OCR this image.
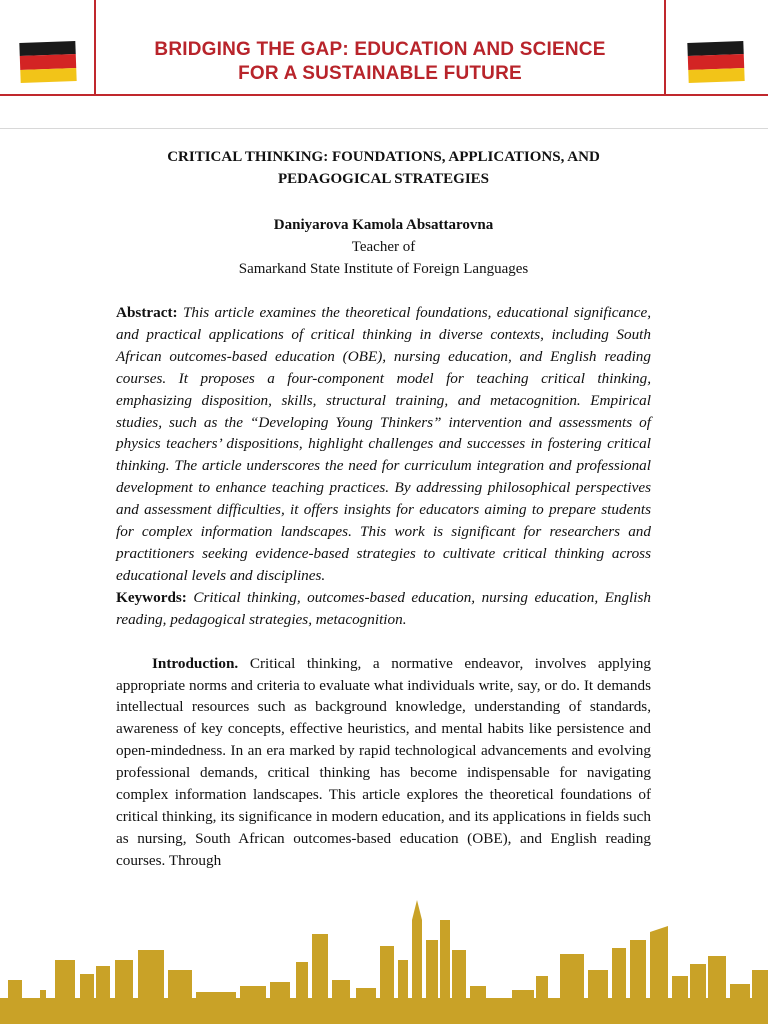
BRIDGING THE GAP: EDUCATION AND SCIENCE
FOR A SUSTAINABLE FUTURE
CRITICAL THINKING: FOUNDATIONS, APPLICATIONS, AND
PEDAGOGICAL STRATEGIES
Daniyarova Kamola Absattarovna
Teacher of
Samarkand State Institute of Foreign Languages
Abstract: This article examines the theoretical foundations, educational significance, and practical applications of critical thinking in diverse contexts, including South African outcomes-based education (OBE), nursing education, and English reading courses. It proposes a four-component model for teaching critical thinking, emphasizing disposition, skills, structural training, and metacognition. Empirical studies, such as the “Developing Young Thinkers” intervention and assessments of physics teachers’ dispositions, highlight challenges and successes in fostering critical thinking. The article underscores the need for curriculum integration and professional development to enhance teaching practices. By addressing philosophical perspectives and assessment difficulties, it offers insights for educators aiming to prepare students for complex information landscapes. This work is significant for researchers and practitioners seeking evidence-based strategies to cultivate critical thinking across educational levels and disciplines.
Keywords: Critical thinking, outcomes-based education, nursing education, English reading, pedagogical strategies, metacognition.
Introduction. Critical thinking, a normative endeavor, involves applying appropriate norms and criteria to evaluate what individuals write, say, or do. It demands intellectual resources such as background knowledge, understanding of standards, awareness of key concepts, effective heuristics, and mental habits like persistence and open-mindedness. In an era marked by rapid technological advancements and evolving professional demands, critical thinking has become indispensable for navigating complex information landscapes. This article explores the theoretical foundations of critical thinking, its significance in modern education, and its applications in fields such as nursing, South African outcomes-based education (OBE), and English reading courses. Through
